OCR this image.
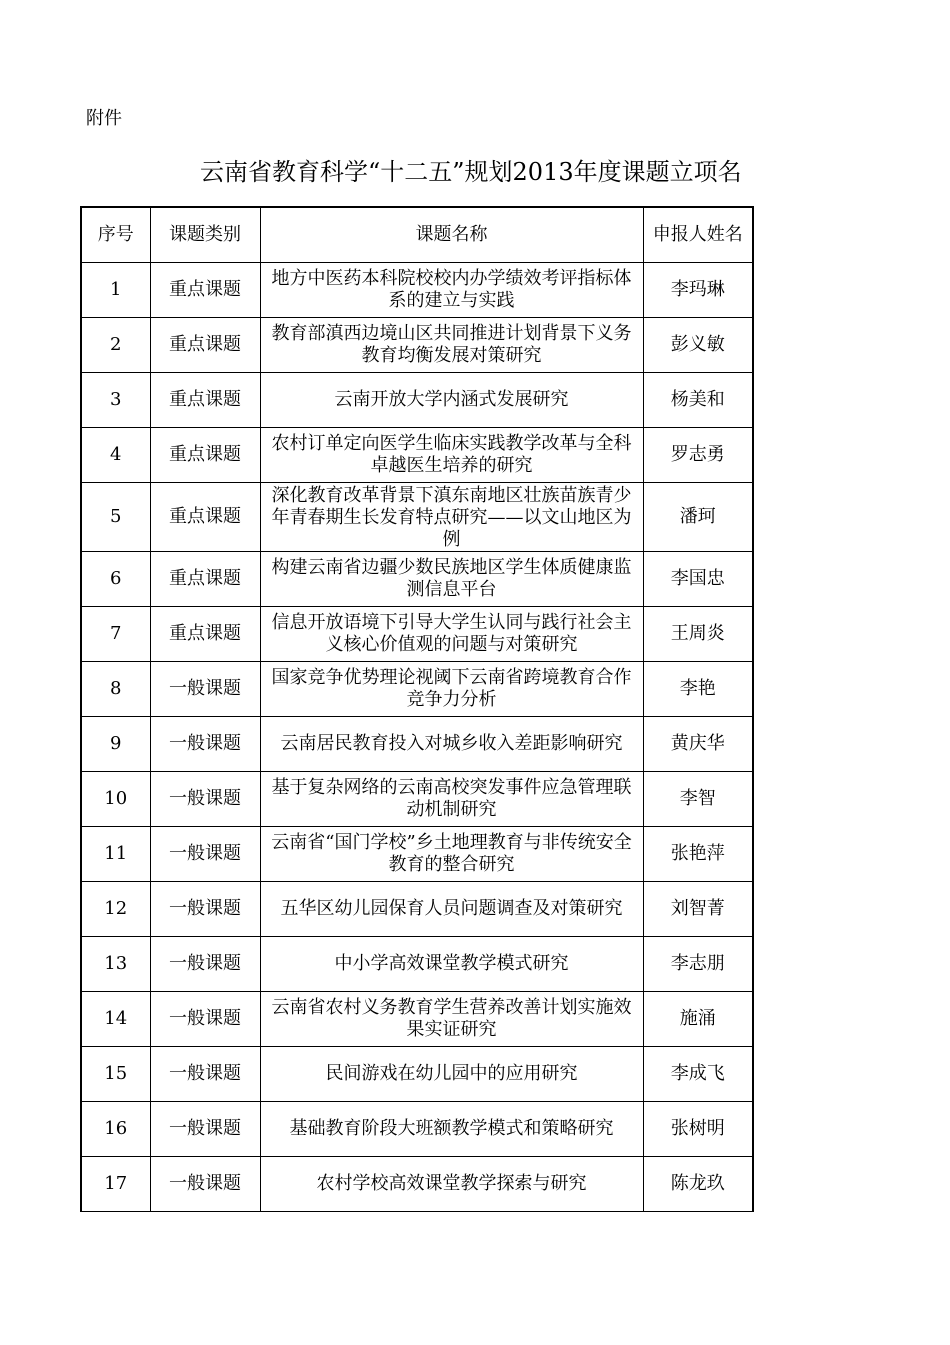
附件
云南省教育科学“十二五”规划2013年度课题立项名
序号	课题类别	课题名称	申报人姓名
1	重点课题	地方中医药本科院校校内办学绩效考评指标体系的建立与实践	李玛琳
2	重点课题	教育部滇西边境山区共同推进计划背景下义务教育均衡发展对策研究	彭义敏
3	重点课题	云南开放大学内涵式发展研究	杨美和
4	重点课题	农村订单定向医学生临床实践教学改革与全科卓越医生培养的研究	罗志勇
5	重点课题	深化教育改革背景下滇东南地区壮族苗族青少年青春期生长发育特点研究——以文山地区为例	潘珂
6	重点课题	构建云南省边疆少数民族地区学生体质健康监测信息平台	李国忠
7	重点课题	信息开放语境下引导大学生认同与践行社会主义核心价值观的问题与对策研究	王周炎
8	一般课题	国家竞争优势理论视阈下云南省跨境教育合作竞争力分析	李艳
9	一般课题	云南居民教育投入对城乡收入差距影响研究	黄庆华
10	一般课题	基于复杂网络的云南高校突发事件应急管理联动机制研究	李智
11	一般课题	云南省“国门学校”乡土地理教育与非传统安全教育的整合研究	张艳萍
12	一般课题	五华区幼儿园保育人员问题调查及对策研究	刘智菁
13	一般课题	中小学高效课堂教学模式研究	李志朋
14	一般课题	云南省农村义务教育学生营养改善计划实施效果实证研究	施涌
15	一般课题	民间游戏在幼儿园中的应用研究	李成飞
16	一般课题	基础教育阶段大班额教学模式和策略研究	张树明
17	一般课题	农村学校高效课堂教学探索与研究	陈龙玖
